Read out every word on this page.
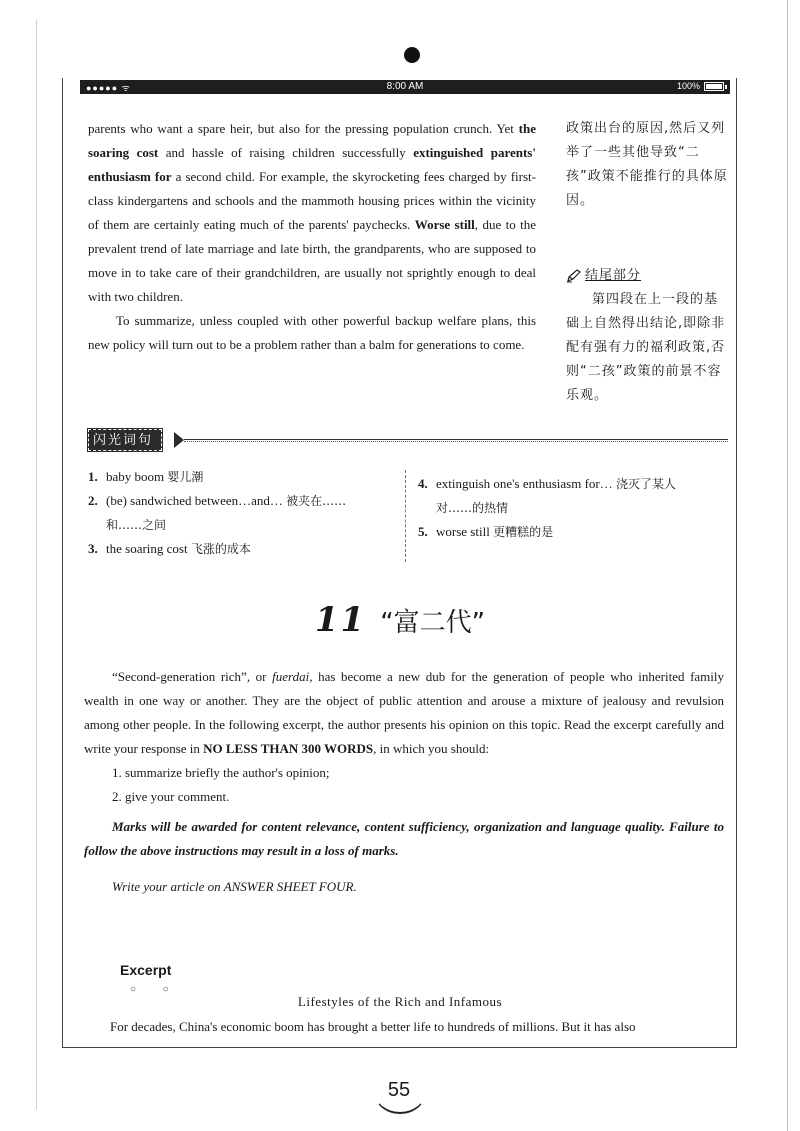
●●●●● ᯤ	8:00 AM	100%

parents who want a spare heir, but also for the pressing population crunch. Yet the soaring cost and hassle of raising children successfully extinguished parents' enthusiasm for a second child. For example, the skyrocketing fees charged by first-class kindergartens and schools and the mammoth housing prices within the vicinity of them are certainly eating much of the parents' paychecks. Worse still, due to the prevalent trend of late marriage and late birth, the grandparents, who are supposed to move in to take care of their grandchildren, are usually not sprightly enough to deal with two children.

To summarize, unless coupled with other powerful backup welfare plans, this new policy will turn out to be a problem rather than a balm for generations to come.

政策出台的原因,然后又列举了一些其他导致“二孩”政策不能推行的具体原因。
结尾部分
第四段在上一段的基础上自然得出结论,即除非配有强有力的福利政策,否则“二孩”政策的前景不容乐观。
闪光词句
1. baby boom 婴儿潮
2. (be) sandwiched between…and… 被夹在……
和……之间
3. the soaring cost 飞涨的成本
4. extinguish one's enthusiasm for… 浇灭了某人
对……的热情
5. worse still 更糟糕的是
11 “富二代”

“Second-generation rich”, or fuerdai, has become a new dub for the generation of people who inherited family wealth in one way or another. They are the object of public attention and arouse a mixture of jealousy and revulsion among other people. In the following excerpt, the author presents his opinion on this topic. Read the excerpt carefully and write your response in NO LESS THAN 300 WORDS, in which you should:

1. summarize briefly the author's opinion;
2. give your comment.

Marks will be awarded for content relevance, content sufficiency, organization and language quality. Failure to follow the above instructions may result in a loss of marks.

Write your article on ANSWER SHEET FOUR.

Excerpt
○ ○
Lifestyles of the Rich and Infamous
For decades, China's economic boom has brought a better life to hundreds of millions. But it has also
55
